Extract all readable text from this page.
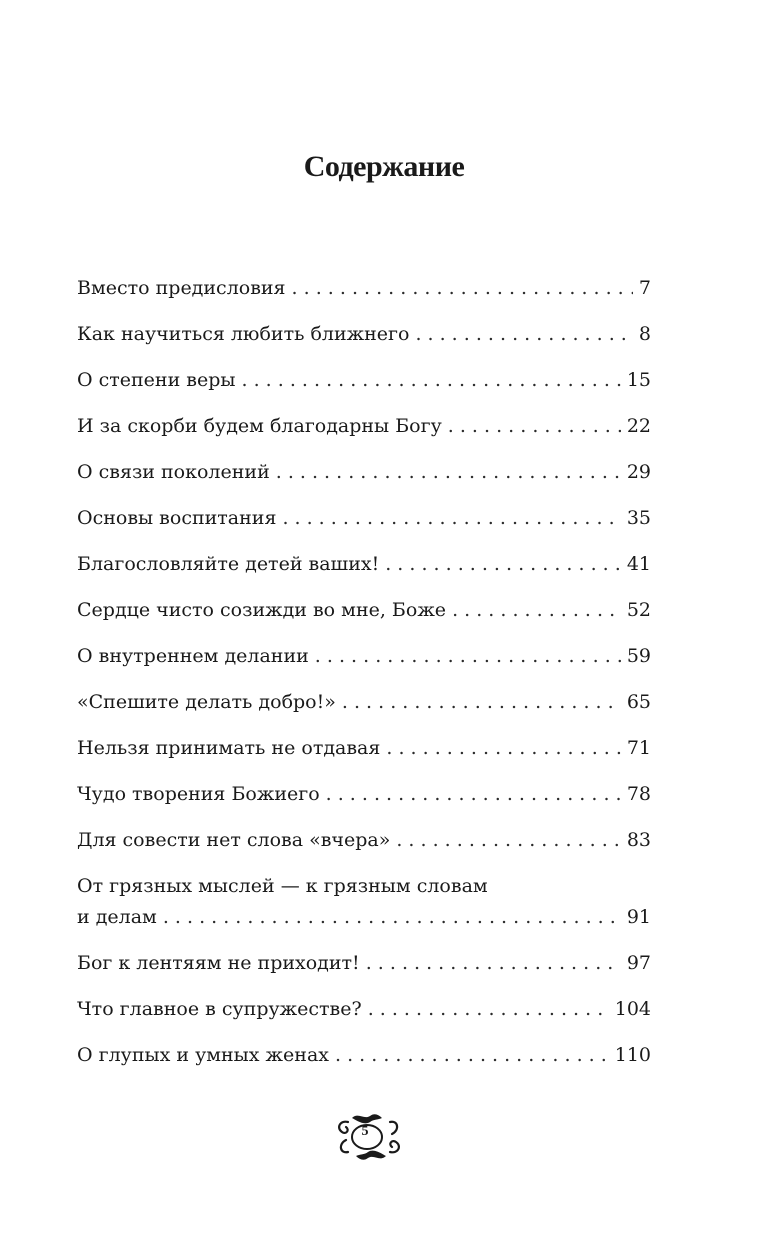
Содержание
Вместо предисловия . . .	7
Как научиться любить ближнего . . .	8
О степени веры . . .	15
И за скорби будем благодарны Богу . . .	22
О связи поколений . . .	29
Основы воспитания . . .	35
Благословляйте детей ваших! . . .	41
Сердце чисто созижди во мне, Боже . . .	52
О внутреннем делании . . .	59
«Спешите делать добро!» . . .	65
Нельзя принимать не отдавая . . .	71
Чудо творения Божиего . . .	78
Для совести нет слова «вчера» . . .	83
От грязных мыслей — к грязным словам
и делам . . .	91
Бог к лентяям не приходит! . . .	97
Что главное в супружестве? . . .	104
О глупых и умных женах . . .	110
5
